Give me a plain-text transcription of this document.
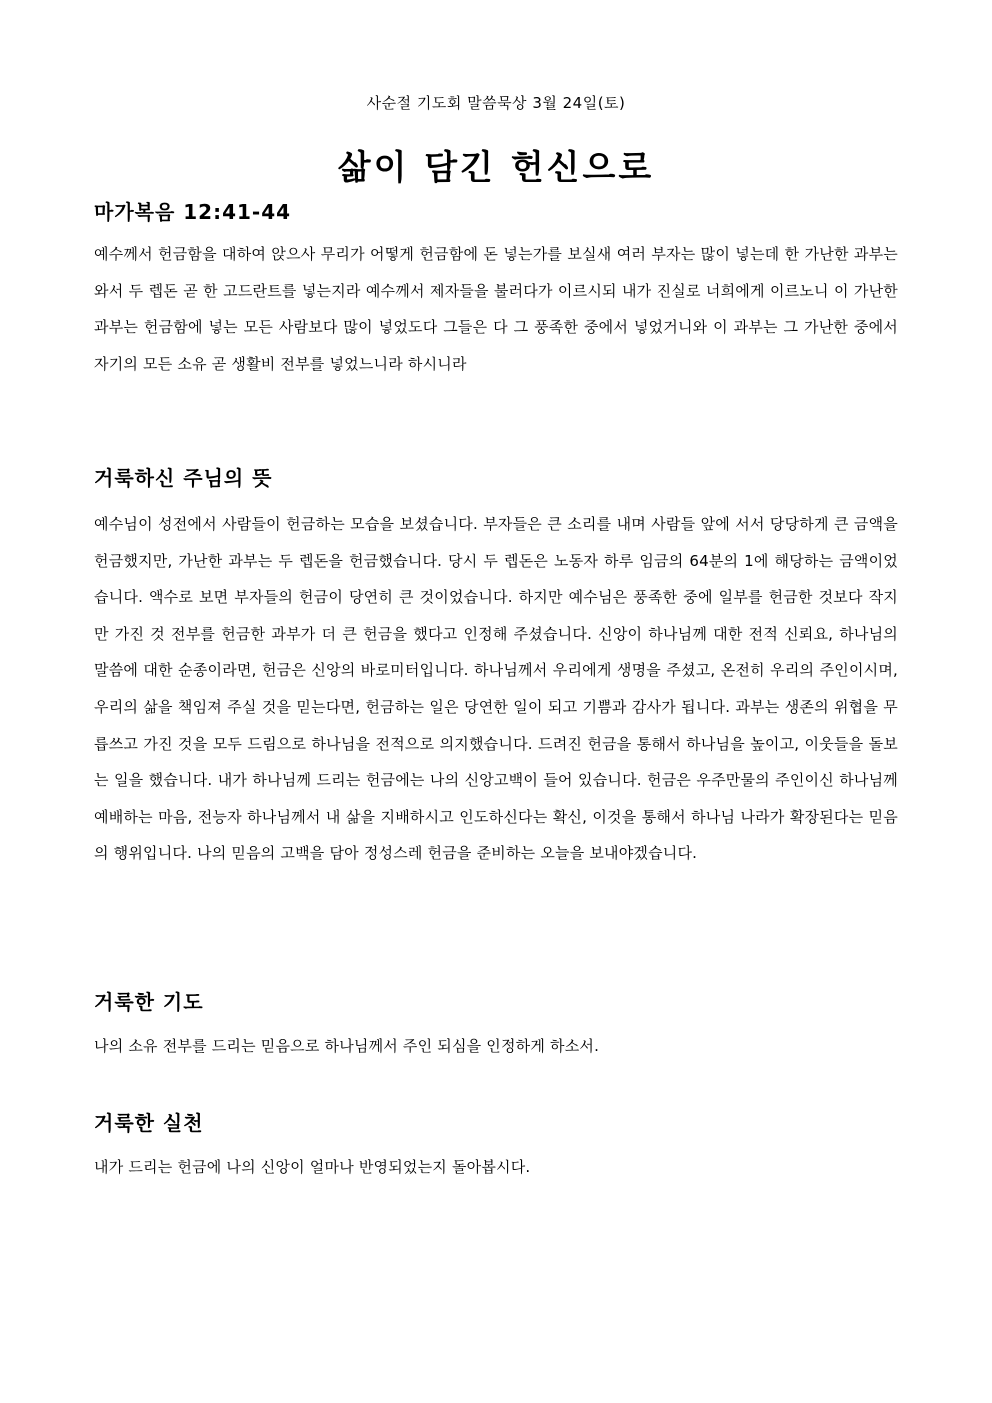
사순절 기도회 말씀묵상 3월 24일(토)
삶이 담긴 헌신으로
마가복음 12:41-44

예수께서 헌금함을 대하여 앉으사 무리가 어떻게 헌금함에 돈 넣는가를 보실새 여러 부자는 많이 넣는데 한 가난한 과부는 와서 두 렙돈 곧 한 고드란트를 넣는지라 예수께서 제자들을 불러다가 이르시되 내가 진실로 너희에게 이르노니 이 가난한 과부는 헌금함에 넣는 모든 사람보다 많이 넣었도다 그들은 다 그 풍족한 중에서 넣었거니와 이 과부는 그 가난한 중에서 자기의 모든 소유 곧 생활비 전부를 넣었느니라 하시니라

거룩하신 주님의 뜻

예수님이 성전에서 사람들이 헌금하는 모습을 보셨습니다. 부자들은 큰 소리를 내며 사람들 앞에 서서 당당하게 큰 금액을 헌금했지만, 가난한 과부는 두 렙돈을 헌금했습니다. 당시 두 렙돈은 노동자 하루 임금의 64분의 1에 해당하는 금액이었습니다. 액수로 보면 부자들의 헌금이 당연히 큰 것이었습니다. 하지만 예수님은 풍족한 중에 일부를 헌금한 것보다 작지만 가진 것 전부를 헌금한 과부가 더 큰 헌금을 했다고 인정해 주셨습니다. 신앙이 하나님께 대한 전적 신뢰요, 하나님의 말씀에 대한 순종이라면, 헌금은 신앙의 바로미터입니다. 하나님께서 우리에게 생명을 주셨고, 온전히 우리의 주인이시며, 우리의 삶을 책임져 주실 것을 믿는다면, 헌금하는 일은 당연한 일이 되고 기쁨과 감사가 됩니다. 과부는 생존의 위협을 무릅쓰고 가진 것을 모두 드림으로 하나님을 전적으로 의지했습니다. 드려진 헌금을 통해서 하나님을 높이고, 이웃들을 돌보는 일을 했습니다. 내가 하나님께 드리는 헌금에는 나의 신앙고백이 들어 있습니다. 헌금은 우주만물의 주인이신 하나님께 예배하는 마음, 전능자 하나님께서 내 삶을 지배하시고 인도하신다는 확신, 이것을 통해서 하나님 나라가 확장된다는 믿음의 행위입니다. 나의 믿음의 고백을 담아 정성스레 헌금을 준비하는 오늘을 보내야겠습니다.

거룩한 기도

나의 소유 전부를 드리는 믿음으로 하나님께서 주인 되심을 인정하게 하소서.

거룩한 실천

내가 드리는 헌금에 나의 신앙이 얼마나 반영되었는지 돌아봅시다.
